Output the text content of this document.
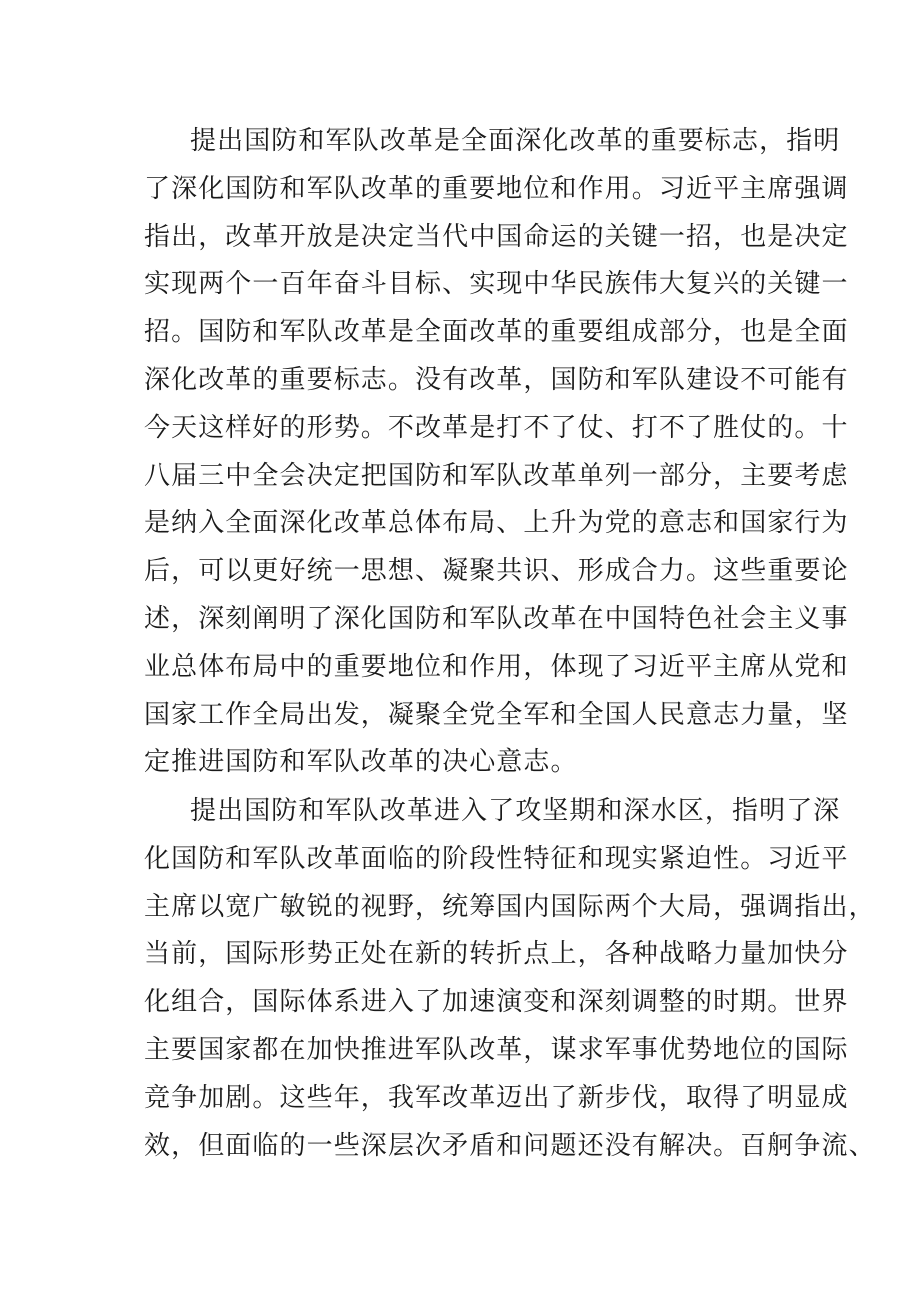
提出国防和军队改革是全面深化改革的重要标志，指明
了深化国防和军队改革的重要地位和作用。习近平主席强调
指出，改革开放是决定当代中国命运的关键一招，也是决定
实现两个一百年奋斗目标、实现中华民族伟大复兴的关键一
招。国防和军队改革是全面改革的重要组成部分，也是全面
深化改革的重要标志。没有改革，国防和军队建设不可能有
今天这样好的形势。不改革是打不了仗、打不了胜仗的。十
八届三中全会决定把国防和军队改革单列一部分，主要考虑
是纳入全面深化改革总体布局、上升为党的意志和国家行为
后，可以更好统一思想、凝聚共识、形成合力。这些重要论
述，深刻阐明了深化国防和军队改革在中国特色社会主义事
业总体布局中的重要地位和作用，体现了习近平主席从党和
国家工作全局出发，凝聚全党全军和全国人民意志力量，坚
定推进国防和军队改革的决心意志。
提出国防和军队改革进入了攻坚期和深水区，指明了深
化国防和军队改革面临的阶段性特征和现实紧迫性。习近平
主席以宽广敏锐的视野，统筹国内国际两个大局，强调指出，
当前，国际形势正处在新的转折点上，各种战略力量加快分
化组合，国际体系进入了加速演变和深刻调整的时期。世界
主要国家都在加快推进军队改革，谋求军事优势地位的国际
竞争加剧。这些年，我军改革迈出了新步伐，取得了明显成
效，但面临的一些深层次矛盾和问题还没有解决。百舸争流、
